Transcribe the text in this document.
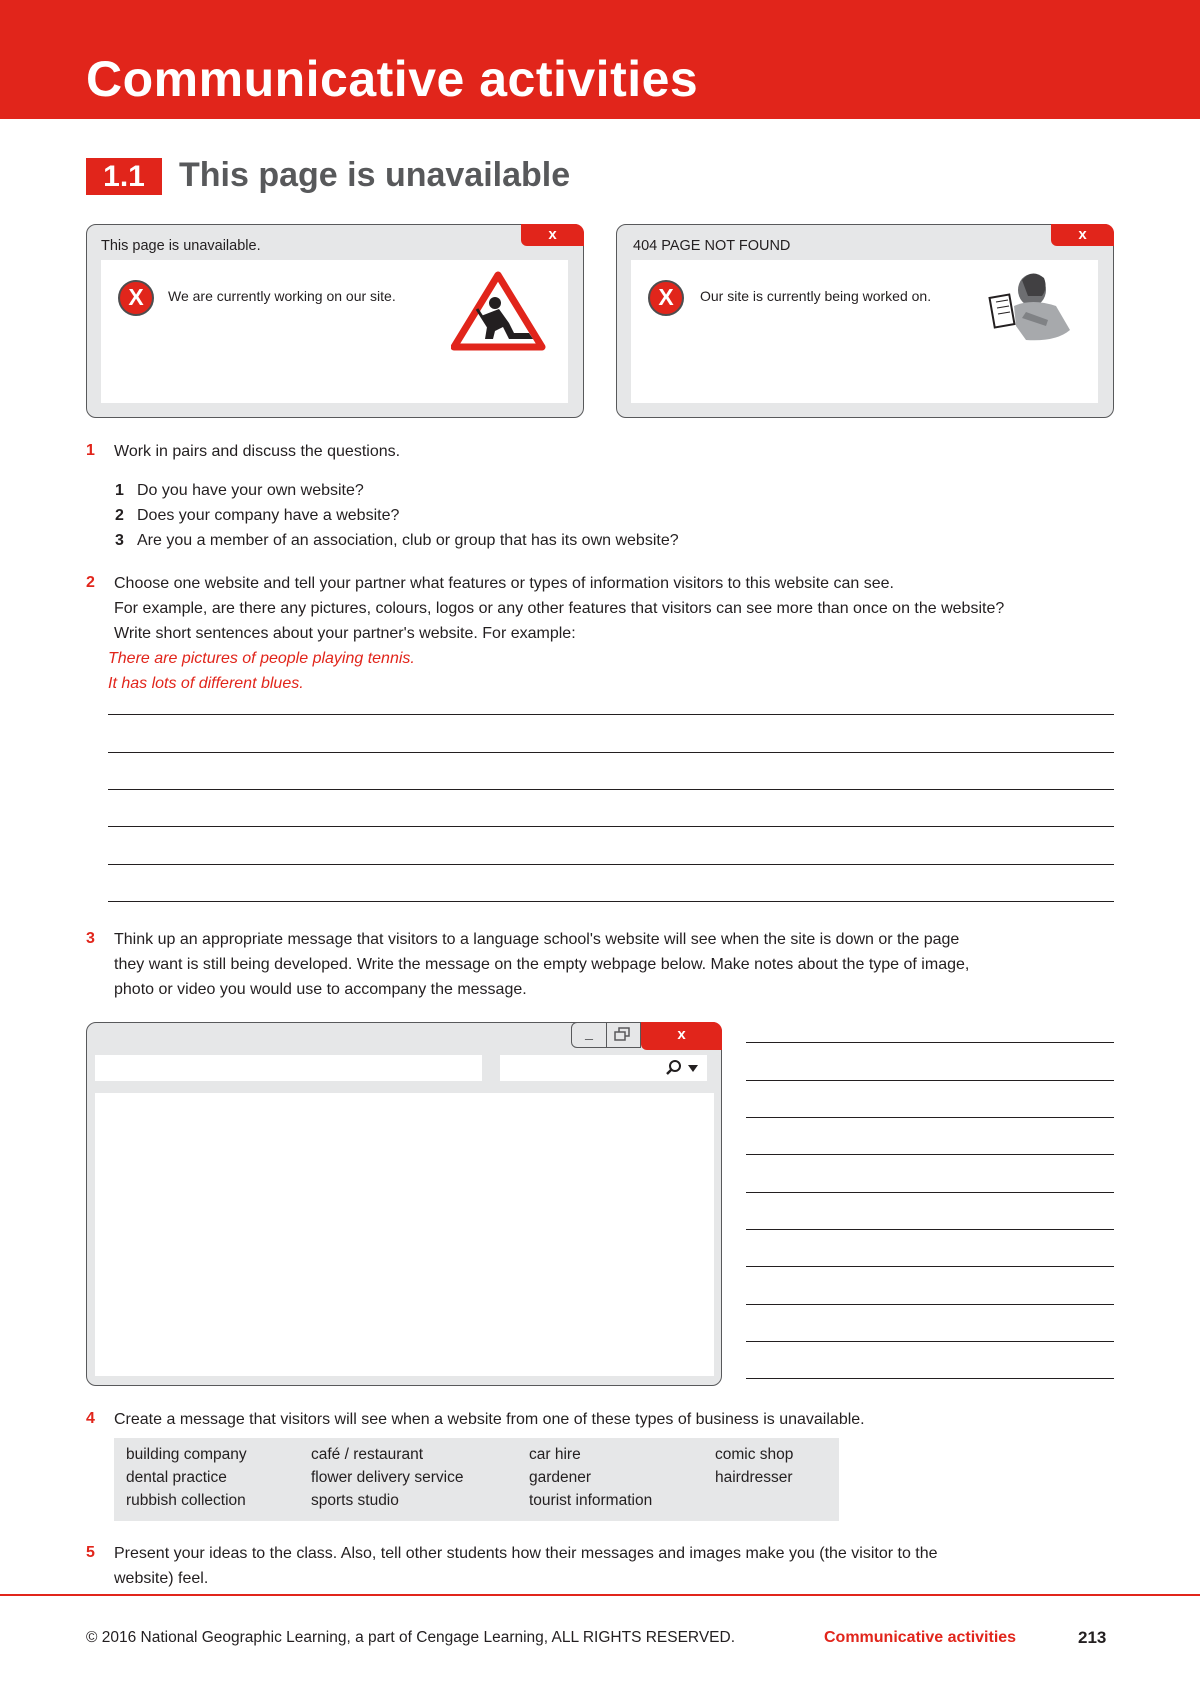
Communicative activities
1.1	This page is unavailable
x
This page is unavailable.
X	We are currently working on our site.
x
404 PAGE NOT FOUND
X	Our site is currently being worked on.
1 Work in pairs and discuss the questions.
1 Do you have your own website?
2 Does your company have a website?
3 Are you a member of an association, club or group that has its own website?
2 Choose one website and tell your partner what features or types of information visitors to this website can see.
For example, are there any pictures, colours, logos or any other features that visitors can see more than once on the website?
Write short sentences about your partner's website. For example:
There are pictures of people playing tennis.
It has lots of different blues.
3 Think up an appropriate message that visitors to a language school's website will see when the site is down or the page
they want is still being developed. Write the message on the empty webpage below. Make notes about the type of image,
photo or video you would use to accompany the message.
_	x
4 Create a message that visitors will see when a website from one of these types of business is unavailable.
building company	café / restaurant	car hire	comic shop
dental practice	flower delivery service	gardener	hairdresser
rubbish collection	sports studio	tourist information
5 Present your ideas to the class. Also, tell other students how their messages and images make you (the visitor to the
website) feel.
© 2016 National Geographic Learning, a part of Cengage Learning, ALL RIGHTS RESERVED.	Communicative activities	213
